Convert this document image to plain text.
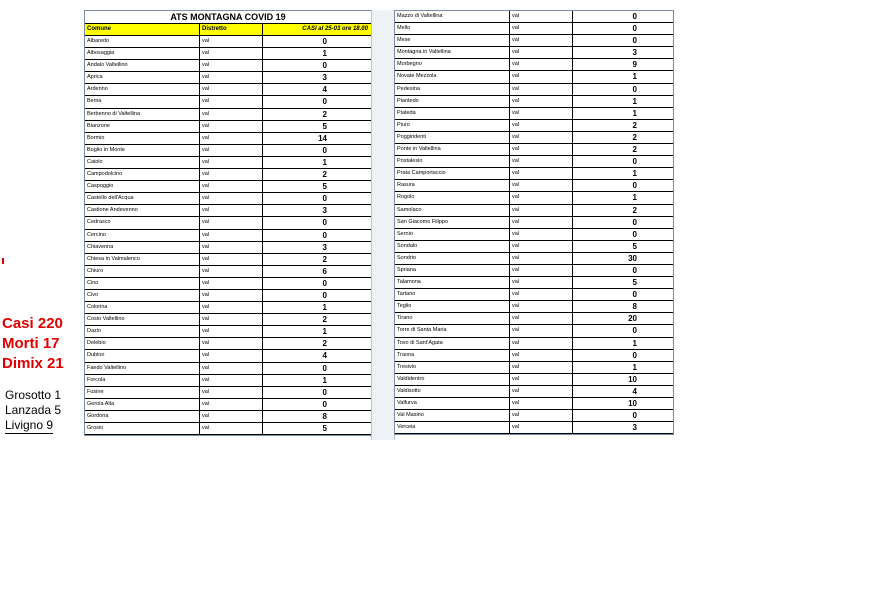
Casi 220
Morti 17
Dimix 21
Grosotto 1
Lanzada 5
Livigno 9
ATS MONTAGNA COVID 19
Comune	Distretto	CASI al 25-03 ore 18.00
Albaredo	val	0
Albosaggia	val	1
Andalo Valtellino	val	0
Aprica	val	3
Ardenno	val	4
Bema	val	0
Berbenno di Valtellina	val	2
Bianzone	val	5
Bormio	val	14
Buglio in Monte	val	0
Caiolo	val	1
Campodolcino	val	2
Caspoggio	val	5
Castello dell'Acqua	val	0
Castione Andevenno	val	3
Cedrasco	val	0
Cercino	val	0
Chiavenna	val	3
Chiesa in Valmalenco	val	2
Chiuro	val	6
Cino	val	0
Civo	val	0
Colorina	val	1
Cosio Valtellino	val	2
Dazio	val	1
Delebio	val	2
Dubino	val	4
Faedo Valtellino	val	0
Forcola	val	1
Fusine	val	0
Gerola Alta	val	0
Gordona	val	8
Grosio	val	5
Mazzo di Valtellina	val	0
Mello	val	0
Mese	val	0
Montagna in Valtellina	val	3
Morbegno	val	9
Novate Mezzola	val	1
Pedesina	val	0
Piantedo	val	1
Piateda	val	1
Piuro	val	2
Poggiridenti	val	2
Ponte in Valtellina	val	2
Postalesio	val	0
Prata Camportaccio	val	1
Rasura	val	0
Rogolo	val	1
Samolaco	val	2
San Giacomo Filippo	val	0
Sernio	val	0
Sondalo	val	5
Sondrio	val	30
Spriana	val	0
Talamona	val	5
Tartano	val	0
Teglio	val	8
Tirano	val	20
Torre di Santa Maria	val	0
Tovo di Sant'Agata	val	1
Traona	val	0
Tresivio	val	1
Valdidentro	val	10
Valdisotto	val	4
Valfurva	val	10
Val Masino	val	0
Verceia	val	3
